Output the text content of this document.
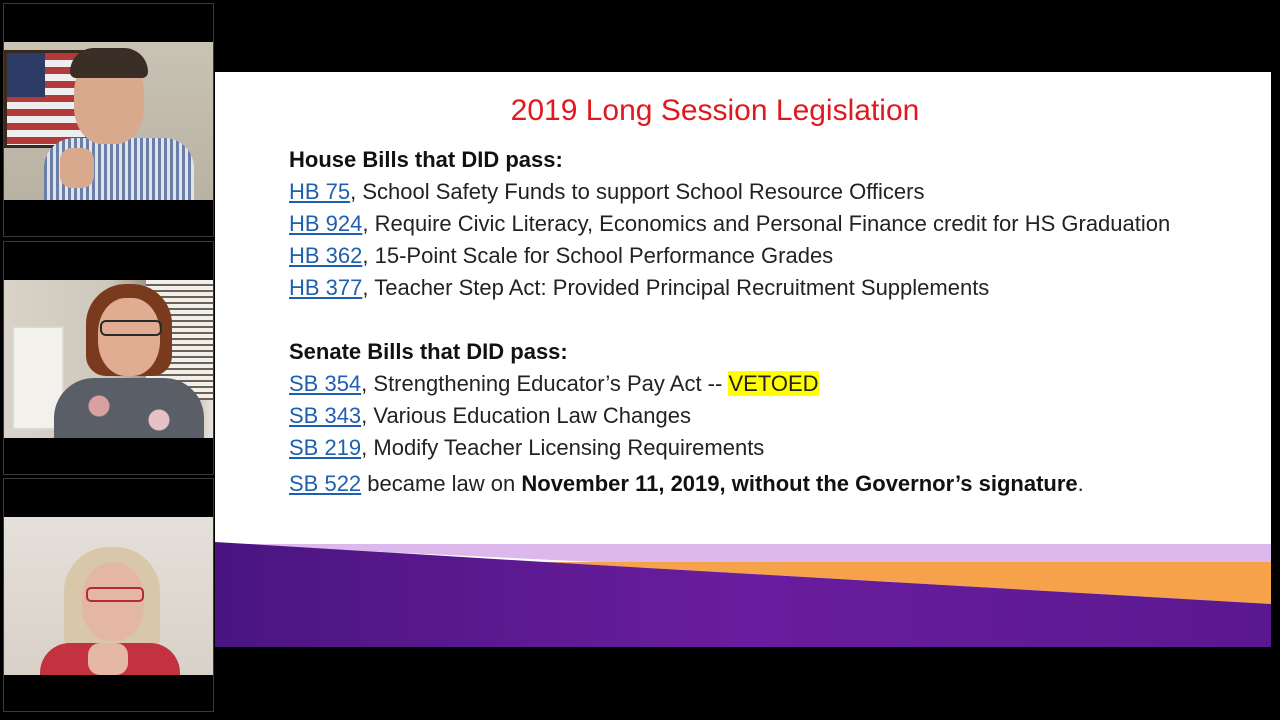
2019 Long Session Legislation
House Bills that DID pass:
HB 75, School Safety Funds to support School Resource Officers
HB 924, Require Civic Literacy, Economics and Personal Finance credit for HS Graduation
HB 362, 15-Point Scale for School Performance Grades
HB 377, Teacher Step Act: Provided Principal Recruitment Supplements
Senate Bills that DID pass:
SB 354, Strengthening Educator’s Pay Act -- VETOED
SB 343, Various Education Law Changes
SB 219, Modify Teacher Licensing Requirements
SB 522 became law on November 11, 2019, without the Governor’s signature.
